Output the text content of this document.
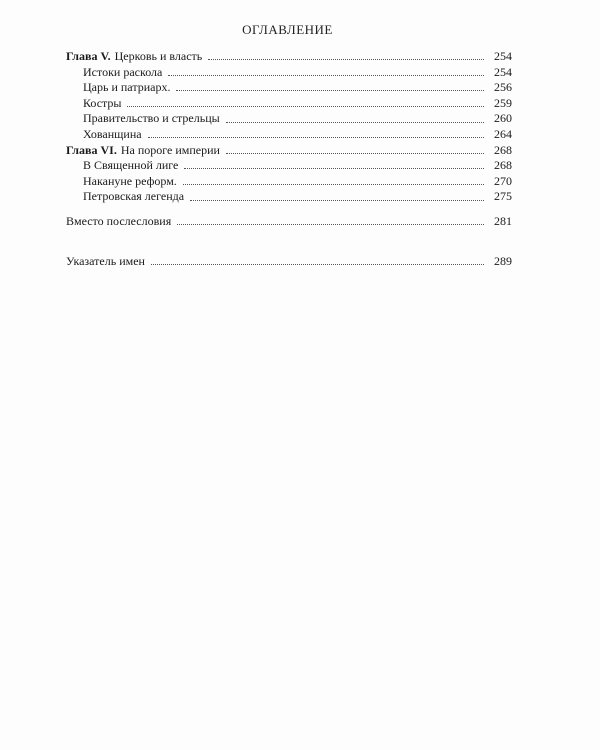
ОГЛАВЛЕНИЕ
Глава V. Церковь и власть	254
Истоки раскола	254
Царь и патриарх.	256
Костры	259
Правительство и стрельцы	260
Хованщина	264
Глава VI. На пороге империи	268
В Священной лиге	268
Накануне реформ.	270
Петровская легенда	275
Вместо послесловия	281
Указатель имен	289
